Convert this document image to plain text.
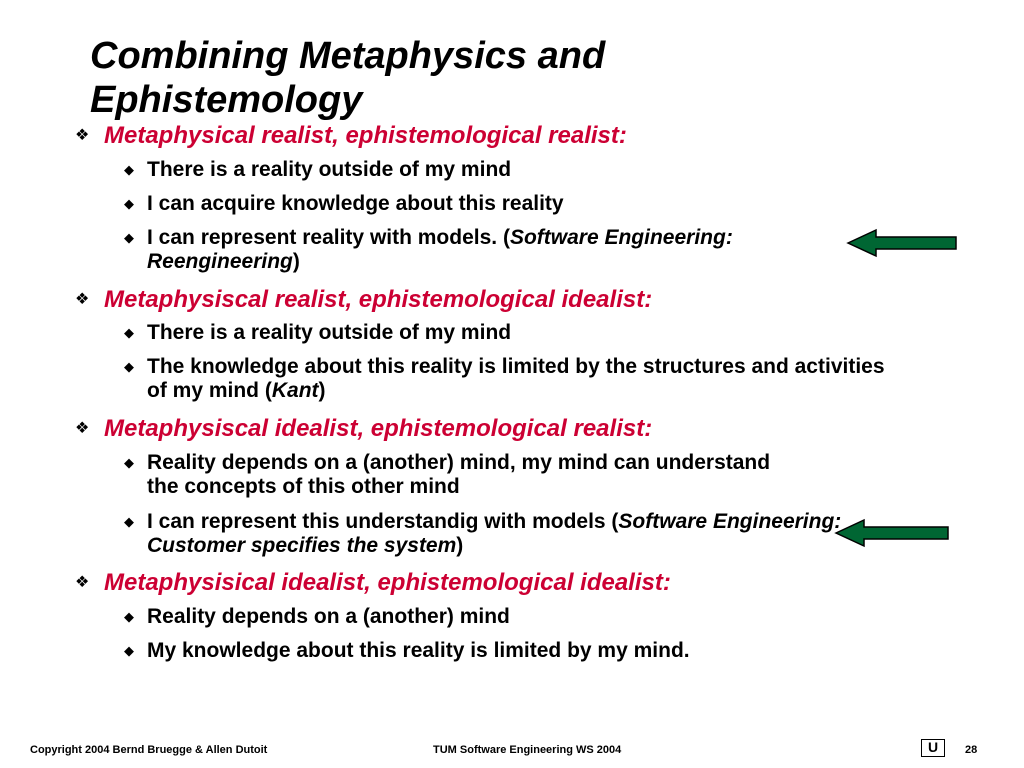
Combining Metaphysics and Ephistemology
❖ Metaphysical realist, ephistemological realist:
◆ There is a reality outside of my mind
◆ I can acquire knowledge about this reality
◆ I can represent reality with models. (Software Engineering: Reengineering)
❖ Metaphysiscal realist, ephistemological idealist:
◆ There is a reality outside of my mind
◆ The knowledge about this reality is limited by the structures and activities of my mind (Kant)
❖ Metaphysiscal idealist, ephistemological realist:
◆ Reality depends on a (another) mind, my mind can understand the concepts of this other mind
◆ I can represent this understandig with models (Software Engineering: Customer specifies the system)
❖ Metaphysisical idealist, ephistemological idealist:
◆ Reality depends on a (another) mind
◆ My knowledge about this reality is limited by my mind.
Copyright 2004 Bernd Bruegge & Allen Dutoit	TUM Software Engineering WS 2004	U	28
